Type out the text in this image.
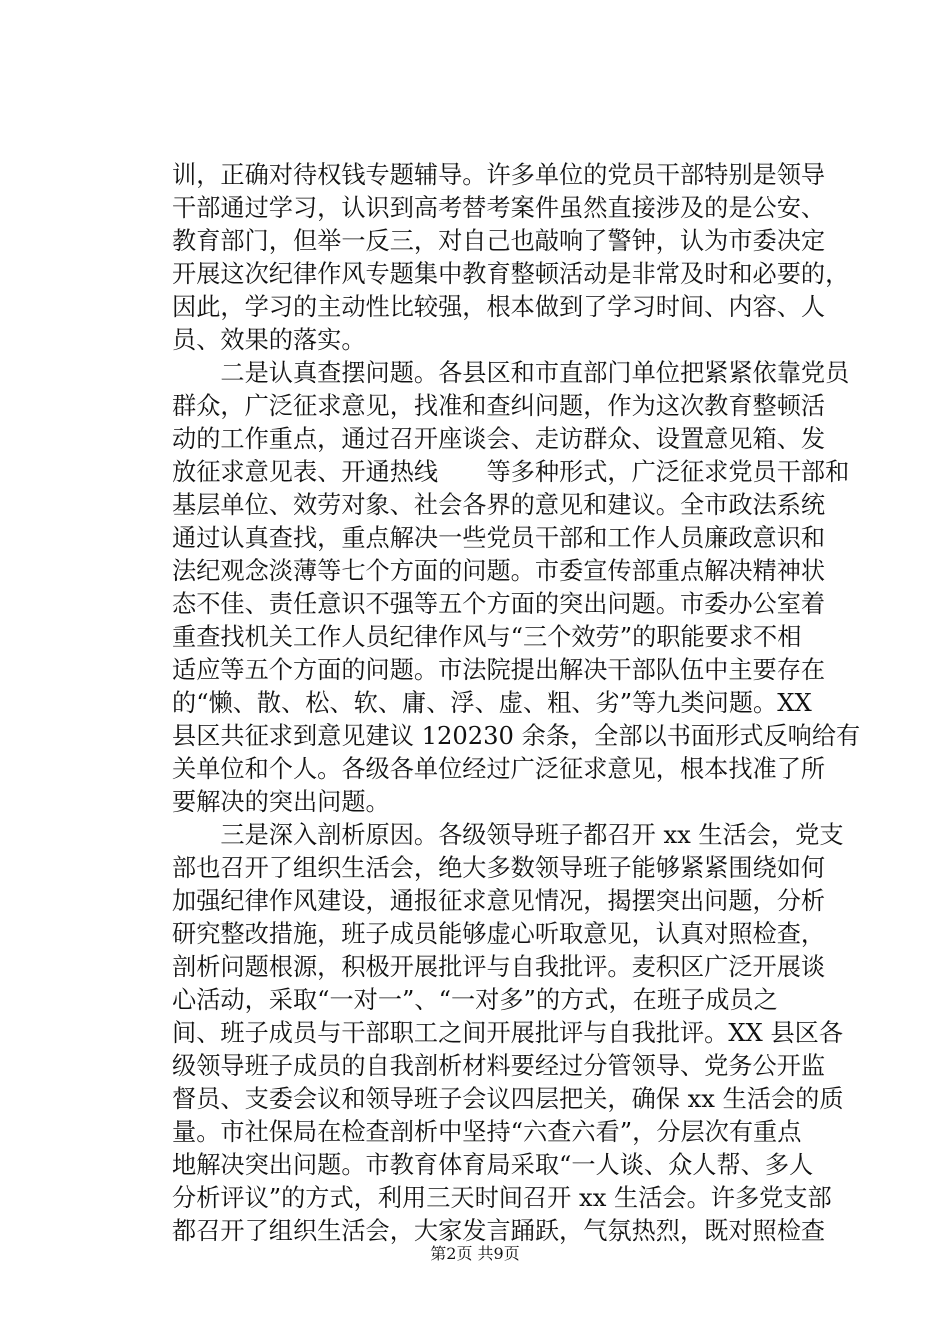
训，正确对待权钱专题辅导。许多单位的党员干部特别是领导
干部通过学习，认识到高考替考案件虽然直接涉及的是公安、
教育部门，但举一反三，对自己也敲响了警钟，认为市委决定
开展这次纪律作风专题集中教育整顿活动是非常及时和必要的，
因此，学习的主动性比较强，根本做到了学习时间、内容、人
员、效果的落实。
　　二是认真查摆问题。各县区和市直部门单位把紧紧依靠党员
群众，广泛征求意见，找准和查纠问题，作为这次教育整顿活
动的工作重点，通过召开座谈会、走访群众、设置意见箱、发
放征求意见表、开通热线　　等多种形式，广泛征求党员干部和
基层单位、效劳对象、社会各界的意见和建议。全市政法系统
通过认真查找，重点解决一些党员干部和工作人员廉政意识和
法纪观念淡薄等七个方面的问题。市委宣传部重点解决精神状
态不佳、责任意识不强等五个方面的突出问题。市委办公室着
重查找机关工作人员纪律作风与“三个效劳”的职能要求不相
适应等五个方面的问题。市法院提出解决干部队伍中主要存在
的“懒、散、松、软、庸、浮、虚、粗、劣”等九类问题。XX
县区共征求到意见建议 120230 余条，全部以书面形式反响给有
关单位和个人。各级各单位经过广泛征求意见，根本找准了所
要解决的突出问题。
　　三是深入剖析原因。各级领导班子都召开 xx 生活会，党支
部也召开了组织生活会，绝大多数领导班子能够紧紧围绕如何
加强纪律作风建设，通报征求意见情况，揭摆突出问题，分析
研究整改措施，班子成员能够虚心听取意见，认真对照检查，
剖析问题根源，积极开展批评与自我批评。麦积区广泛开展谈
心活动，采取“一对一”、“一对多”的方式，在班子成员之
间、班子成员与干部职工之间开展批评与自我批评。XX 县区各
级领导班子成员的自我剖析材料要经过分管领导、党务公开监
督员、支委会议和领导班子会议四层把关，确保 xx 生活会的质
量。市社保局在检查剖析中坚持“六查六看”，分层次有重点
地解决突出问题。市教育体育局采取“一人谈、众人帮、多人
分析评议”的方式，利用三天时间召开 xx 生活会。许多党支部
都召开了组织生活会，大家发言踊跃，气氛热烈，既对照检查
第2页 共9页
